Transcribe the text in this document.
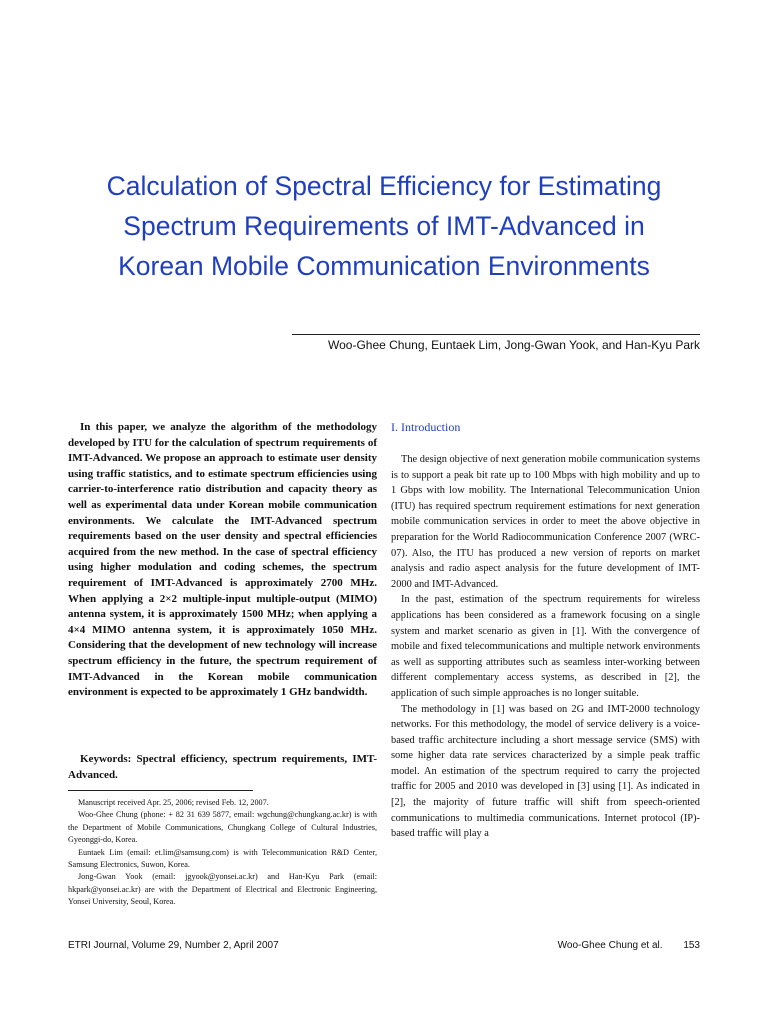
Calculation of Spectral Efficiency for Estimating
Spectrum Requirements of IMT-Advanced in
Korean Mobile Communication Environments
Woo-Ghee Chung, Euntaek Lim, Jong-Gwan Yook, and Han-Kyu Park

In this paper, we analyze the algorithm of the methodology developed by ITU for the calculation of spectrum requirements of IMT-Advanced. We propose an approach to estimate user density using traffic statistics, and to estimate spectrum efficiencies using carrier-to-interference ratio distribution and capacity theory as well as experimental data under Korean mobile communication environments. We calculate the IMT-Advanced spectrum requirements based on the user density and spectral efficiencies acquired from the new method. In the case of spectral efficiency using higher modulation and coding schemes, the spectrum requirement of IMT-Advanced is approximately 2700 MHz. When applying a 2×2 multiple-input multiple-output (MIMO) antenna system, it is approximately 1500 MHz; when applying a 4×4 MIMO antenna system, it is approximately 1050 MHz. Considering that the development of new technology will increase spectrum efficiency in the future, the spectrum requirement of IMT-Advanced in the Korean mobile communication environment is expected to be approximately 1 GHz bandwidth.

Keywords: Spectral efficiency, spectrum requirements, IMT-Advanced.

Manuscript received Apr. 25, 2006; revised Feb. 12, 2007.

Woo-Ghee Chung (phone: + 82 31 639 5877, email: wgchung@chungkang.ac.kr) is with the Department of Mobile Communications, Chungkang College of Cultural Industries, Gyeonggi-do, Korea.

Euntaek Lim (email: et.lim@samsung.com) is with Telecommunication R&D Center, Samsung Electronics, Suwon, Korea.

Jong-Gwan Yook (email: jgyook@yonsei.ac.kr) and Han-Kyu Park (email: hkpark@yonsei.ac.kr) are with the Department of Electrical and Electronic Engineering, Yonsei University, Seoul, Korea.

I. Introduction

The design objective of next generation mobile communication systems is to support a peak bit rate up to 100 Mbps with high mobility and up to 1 Gbps with low mobility. The International Telecommunication Union (ITU) has required spectrum requirement estimations for next generation mobile communication services in order to meet the above objective in preparation for the World Radiocommunication Conference 2007 (WRC-07). Also, the ITU has produced a new version of reports on market analysis and radio aspect analysis for the future development of IMT-2000 and IMT-Advanced.

In the past, estimation of the spectrum requirements for wireless applications has been considered as a framework focusing on a single system and market scenario as given in [1]. With the convergence of mobile and fixed telecommunications and multiple network environments as well as supporting attributes such as seamless inter-working between different complementary access systems, as described in [2], the application of such simple approaches is no longer suitable.

The methodology in [1] was based on 2G and IMT-2000 technology networks. For this methodology, the model of service delivery is a voice-based traffic architecture including a short message service (SMS) with some higher data rate services characterized by a simple peak traffic model. An estimation of the spectrum required to carry the projected traffic for 2005 and 2010 was developed in [3] using [1]. As indicated in [2], the majority of future traffic will shift from speech-oriented communications to multimedia communications. Internet protocol (IP)-based traffic will play a

ETRI Journal, Volume 29, Number 2, April 2007	Woo-Ghee Chung et al. 153
